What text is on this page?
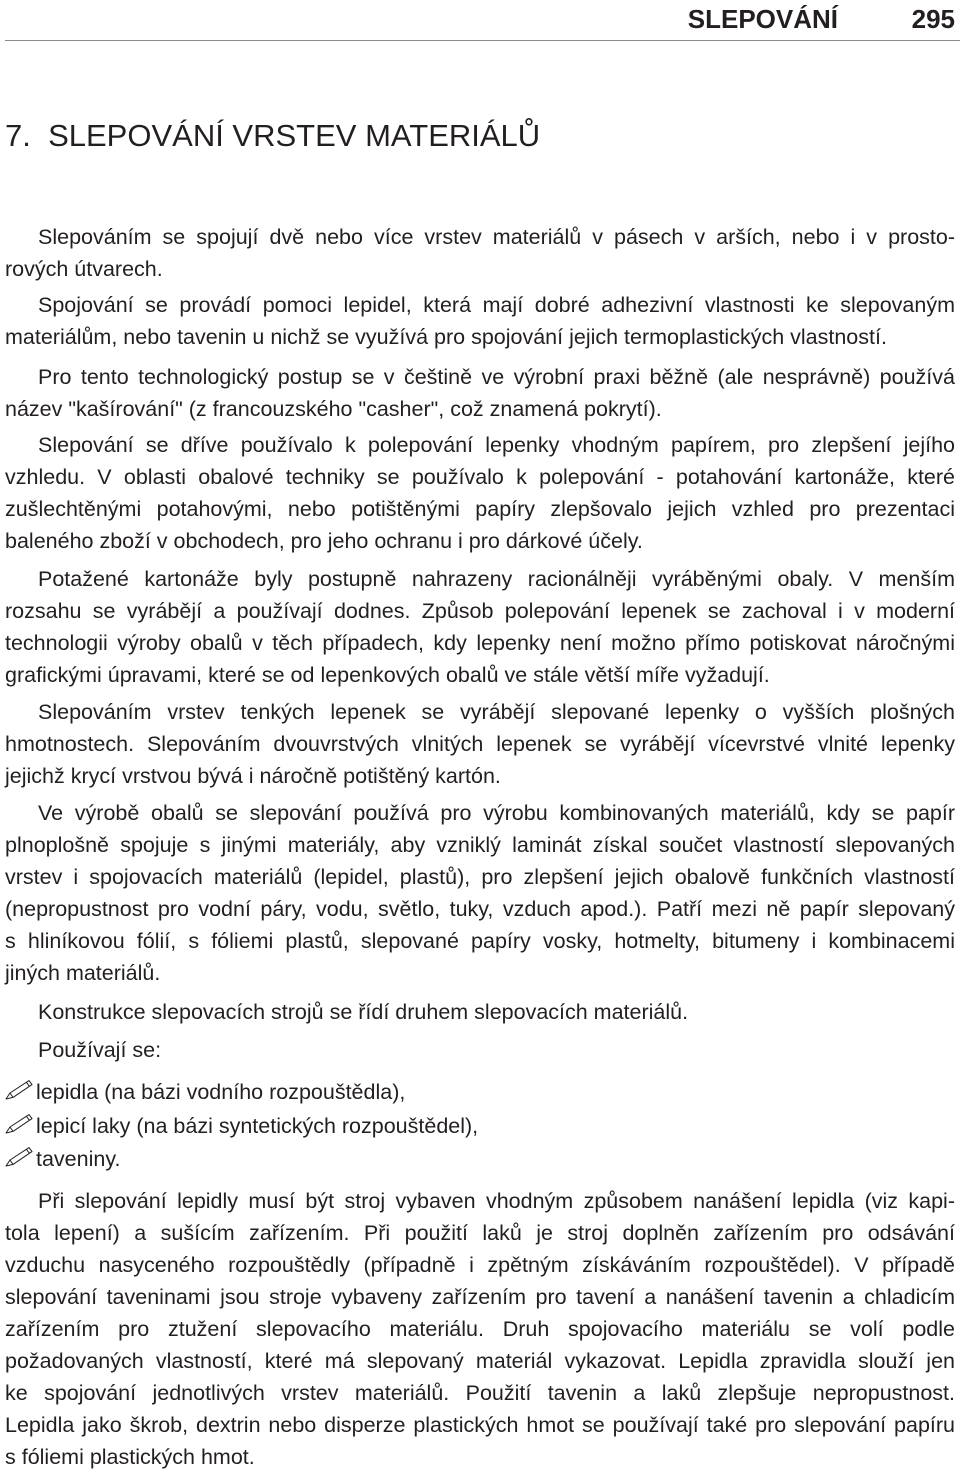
SLEPOVÁNÍ	295
7.  SLEPOVÁNÍ VRSTEV MATERIÁLŮ
Slepováním se spojují dvě nebo více vrstev materiálů v pásech v arších, nebo i v prosto-
rových útvarech.
Spojování se provádí pomoci lepidel, která mají dobré adhezivní vlastnosti ke slepovaným
materiálům, nebo tavenin u nichž se využívá pro spojování jejich termoplastických vlastností.
Pro tento technologický postup se v češtině ve výrobní praxi běžně (ale nesprávně) používá
název "kašírování" (z francouzského "casher", což znamená pokrytí).
Slepování se dříve používalo k polepování lepenky vhodným papírem, pro zlepšení jejího
vzhledu. V oblasti obalové techniky se používalo k polepování - potahování kartonáže, které
zušlechtěnými potahovými, nebo potištěnými papíry zlepšovalo jejich vzhled pro prezentaci
baleného zboží v obchodech, pro jeho ochranu i pro dárkové účely.
Potažené kartonáže byly postupně nahrazeny racionálněji vyráběnými obaly. V menším
rozsahu se vyrábějí a používají dodnes. Způsob polepování lepenek se zachoval i v moderní
technologii výroby obalů v těch případech, kdy lepenky není možno přímo potiskovat náročnými
grafickými úpravami, které se od lepenkových obalů ve stále větší míře vyžadují.
Slepováním vrstev tenkých lepenek se vyrábějí slepované lepenky o vyšších plošných
hmotnostech. Slepováním dvouvrstvých vlnitých lepenek se vyrábějí vícevrstvé vlnité lepenky
jejichž krycí vrstvou bývá i náročně potištěný kartón.
Ve výrobě obalů se slepování používá pro výrobu kombinovaných materiálů, kdy se papír
plnoplošně spojuje s jinými materiály, aby vzniklý laminát získal součet vlastností slepovaných
vrstev i spojovacích materiálů (lepidel, plastů), pro zlepšení jejich obalově funkčních vlastností
(nepropustnost pro vodní páry, vodu, světlo, tuky, vzduch apod.). Patří mezi ně papír slepovaný
s hliníkovou fólií, s fóliemi plastů, slepované papíry vosky, hotmelty, bitumeny i kombinacemi
jiných materiálů.
Konstrukce slepovacích strojů se řídí druhem slepovacích materiálů.
Používají se:
lepidla (na bázi vodního rozpouštědla),
lepicí laky (na bázi syntetických rozpouštědel),
taveniny.
Při slepování lepidly musí být stroj vybaven vhodným způsobem nanášení lepidla (viz kapi-
tola lepení) a sušícím zařízením. Při použití laků je stroj doplněn zařízením pro odsávání
vzduchu nasyceného rozpouštědly (případně i zpětným získáváním rozpouštědel). V případě
slepování taveninami jsou stroje vybaveny zařízením pro tavení a nanášení tavenin a chladicím
zařízením pro ztužení slepovacího materiálu. Druh spojovacího materiálu se volí podle
požadovaných vlastností, které má slepovaný materiál vykazovat. Lepidla zpravidla slouží jen
ke spojování jednotlivých vrstev materiálů. Použití tavenin a laků zlepšuje nepropustnost.
Lepidla jako škrob, dextrin nebo disperze plastických hmot se používají také pro slepování papíru
s fóliemi plastických hmot.
